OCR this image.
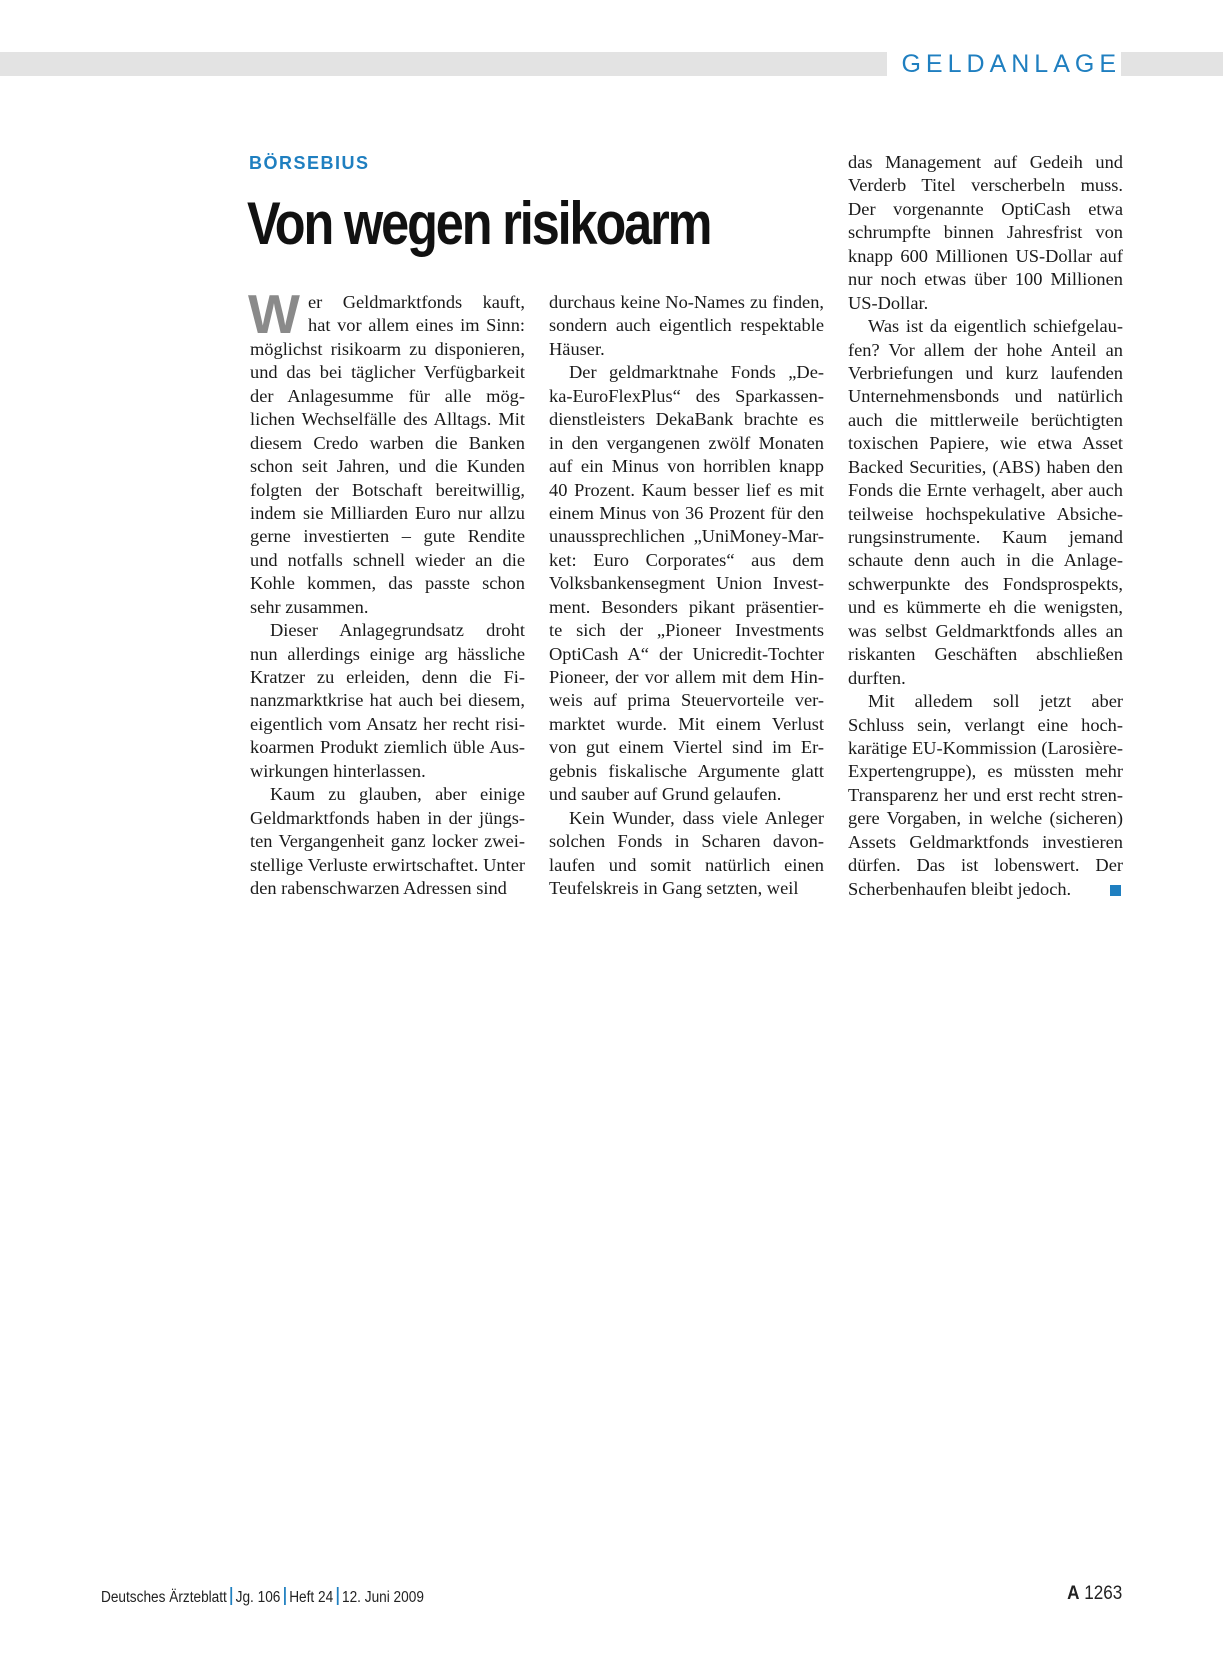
GELDANLAGE
BÖRSEBIUS
Von wegen risikoarm
W er Geldmarktfonds kauft,
hat vor allem eines im Sinn:
möglichst risikoarm zu disponieren,
und das bei täglicher Verfügbarkeit
der Anlagesumme für alle mög-
lichen Wechselfälle des Alltags. Mit
diesem Credo warben die Banken
schon seit Jahren, und die Kunden
folgten der Botschaft bereitwillig,
indem sie Milliarden Euro nur allzu
gerne investierten – gute Rendite
und notfalls schnell wieder an die
Kohle kommen, das passte schon
sehr zusammen.
Dieser Anlagegrundsatz droht
nun allerdings einige arg hässliche
Kratzer zu erleiden, denn die Fi-
nanzmarktkrise hat auch bei diesem,
eigentlich vom Ansatz her recht risi-
koarmen Produkt ziemlich üble Aus-
wirkungen hinterlassen.
Kaum zu glauben, aber einige
Geldmarktfonds haben in der jüngs-
ten Vergangenheit ganz locker zwei-
stellige Verluste erwirtschaftet. Unter
den rabenschwarzen Adressen sind
durchaus keine No-Names zu finden,
sondern auch eigentlich respektable
Häuser.
Der geldmarktnahe Fonds „De-
ka-EuroFlexPlus“ des Sparkassen-
dienstleisters DekaBank brachte es
in den vergangenen zwölf Monaten
auf ein Minus von horriblen knapp
40 Prozent. Kaum besser lief es mit
einem Minus von 36 Prozent für den
unaussprechlichen „UniMoney-Mar-
ket: Euro Corporates“ aus dem
Volksbankensegment Union Invest-
ment. Besonders pikant präsentier-
te sich der „Pioneer Investments
OptiCash A“ der Unicredit-Tochter
Pioneer, der vor allem mit dem Hin-
weis auf prima Steuervorteile ver-
marktet wurde. Mit einem Verlust
von gut einem Viertel sind im Er-
gebnis fiskalische Argumente glatt
und sauber auf Grund gelaufen.
Kein Wunder, dass viele Anleger
solchen Fonds in Scharen davon-
laufen und somit natürlich einen
Teufelskreis in Gang setzten, weil
das Management auf Gedeih und
Verderb Titel verscherbeln muss.
Der vorgenannte OptiCash etwa
schrumpfte binnen Jahresfrist von
knapp 600 Millionen US-Dollar auf
nur noch etwas über 100 Millionen
US-Dollar.
Was ist da eigentlich schiefgelau-
fen? Vor allem der hohe Anteil an
Verbriefungen und kurz laufenden
Unternehmensbonds und natürlich
auch die mittlerweile berüchtigten
toxischen Papiere, wie etwa Asset
Backed Securities, (ABS) haben den
Fonds die Ernte verhagelt, aber auch
teilweise hochspekulative Absiche-
rungsinstrumente. Kaum jemand
schaute denn auch in die Anlage-
schwerpunkte des Fondsprospekts,
und es kümmerte eh die wenigsten,
was selbst Geldmarktfonds alles an
riskanten Geschäften abschließen
durften.
Mit alledem soll jetzt aber
Schluss sein, verlangt eine hoch-
karätige EU-Kommission (Larosière-
Expertengruppe), es müssten mehr
Transparenz her und erst recht stren-
gere Vorgaben, in welche (sicheren)
Assets Geldmarktfonds investieren
dürfen. Das ist lobenswert. Der
Scherbenhaufen bleibt jedoch.
Deutsches Ärzteblatt Jg. 106 Heft 24 12. Juni 2009	A 1263
